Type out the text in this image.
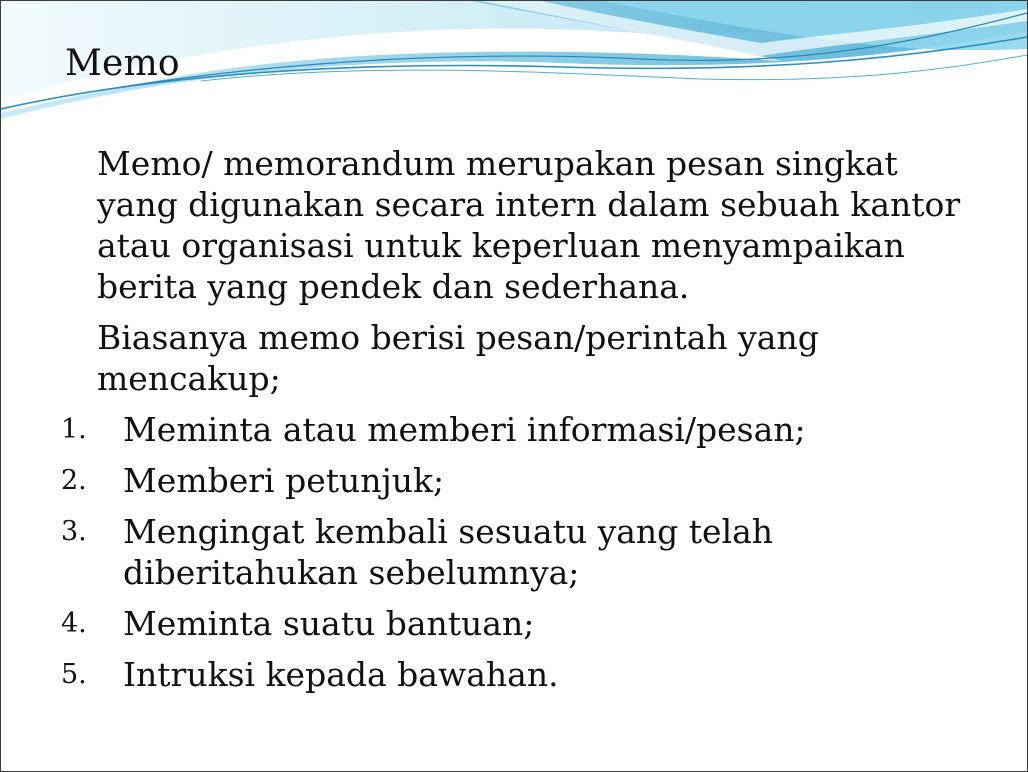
Memo

Memo/ memorandum merupakan pesan singkat yang digunakan secara intern dalam sebuah kantor atau organisasi untuk keperluan menyampaikan berita yang pendek dan sederhana.

Biasanya memo berisi pesan/perintah yang mencakup;

1. Meminta atau memberi informasi/pesan;
2. Memberi petunjuk;
3. Mengingat kembali sesuatu yang telah diberitahukan sebelumnya;
4. Meminta suatu bantuan;
5. Intruksi kepada bawahan.
